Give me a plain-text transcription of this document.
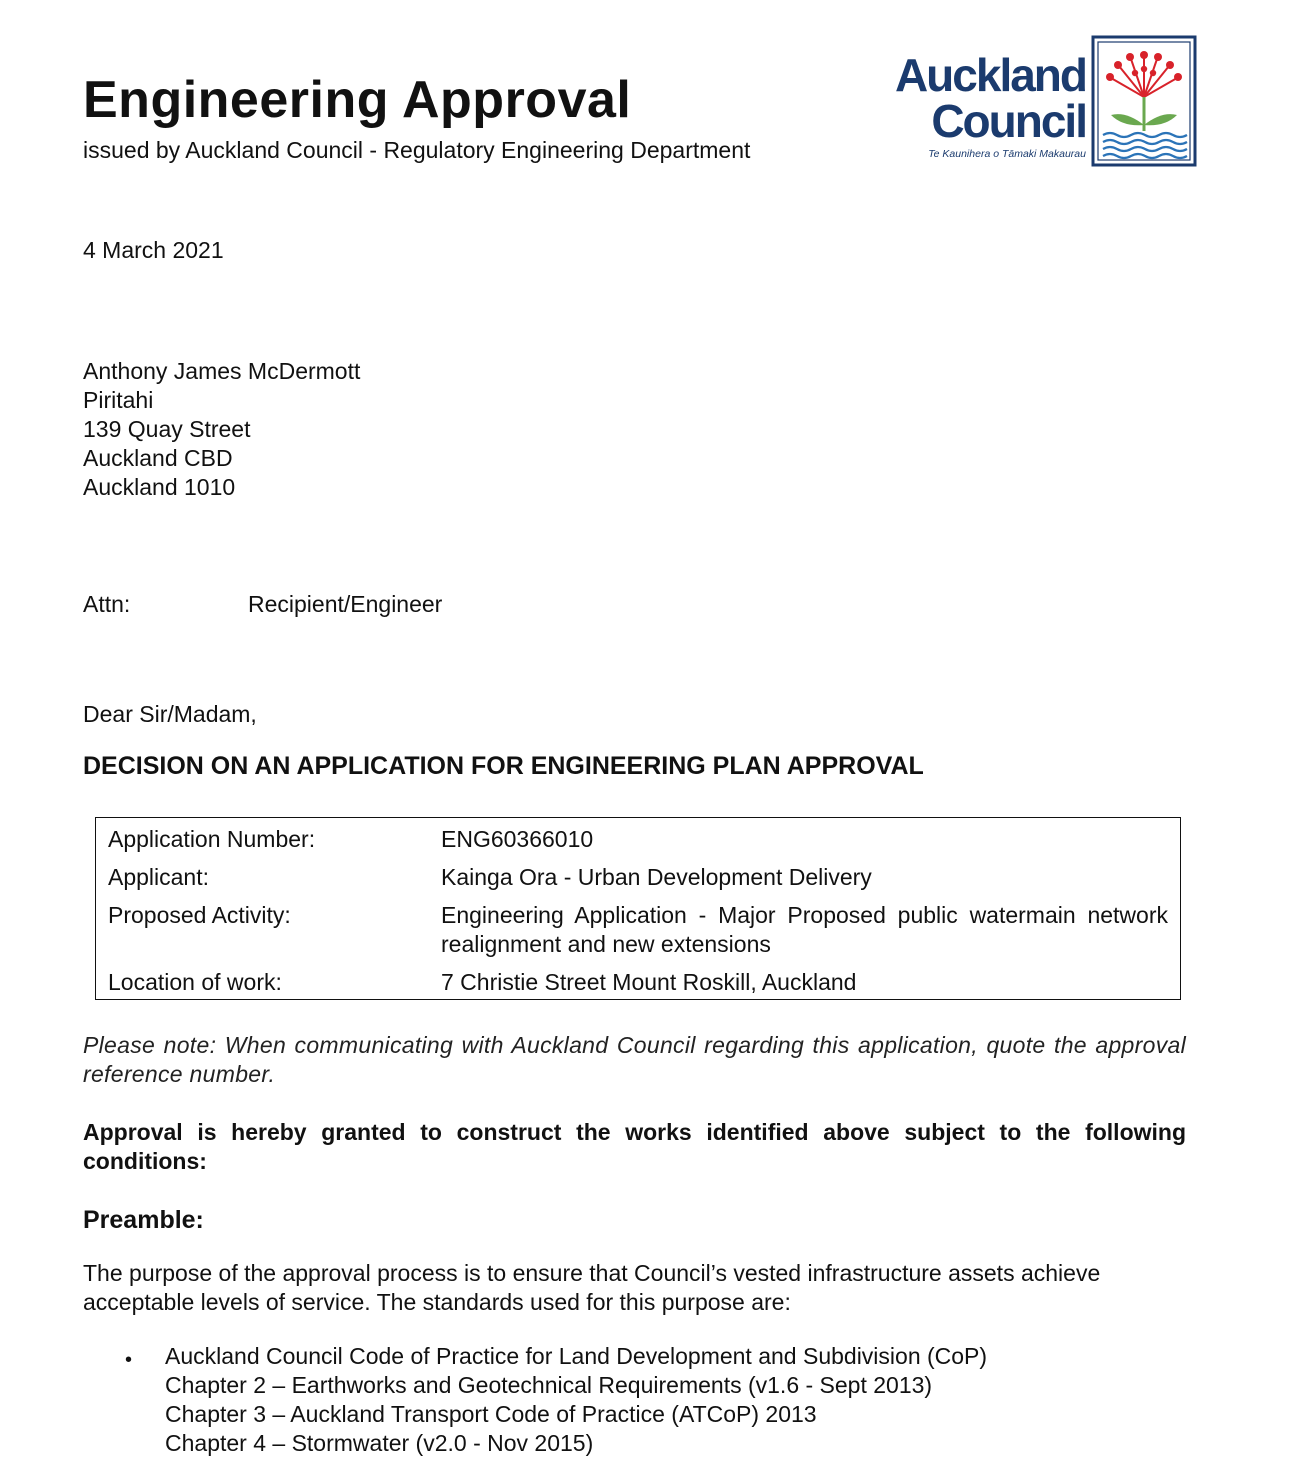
Engineering Approval
issued by Auckland Council - Regulatory Engineering Department
Auckland
Council
Te Kaunihera o Tāmaki Makaurau
4 March 2021
Anthony James McDermott
Piritahi
139 Quay Street
Auckland CBD
Auckland 1010
Attn:	Recipient/Engineer
Dear Sir/Madam,
DECISION ON AN APPLICATION FOR ENGINEERING PLAN APPROVAL
Application Number:	ENG60366010
Applicant:	Kainga Ora - Urban Development Delivery
Proposed Activity:	Engineering Application - Major Proposed public watermain network realignment and new extensions
Location of work:	7 Christie Street Mount Roskill, Auckland
Please note: When communicating with Auckland Council regarding this application, quote the approval reference number.
Approval is hereby granted to construct the works identified above subject to the following conditions:
Preamble:
The purpose of the approval process is to ensure that Council’s vested infrastructure assets achieve acceptable levels of service. The standards used for this purpose are:
• Auckland Council Code of Practice for Land Development and Subdivision (CoP)
Chapter 2 – Earthworks and Geotechnical Requirements (v1.6 - Sept 2013)
Chapter 3 – Auckland Transport Code of Practice (ATCoP) 2013
Chapter 4 – Stormwater (v2.0 - Nov 2015)
